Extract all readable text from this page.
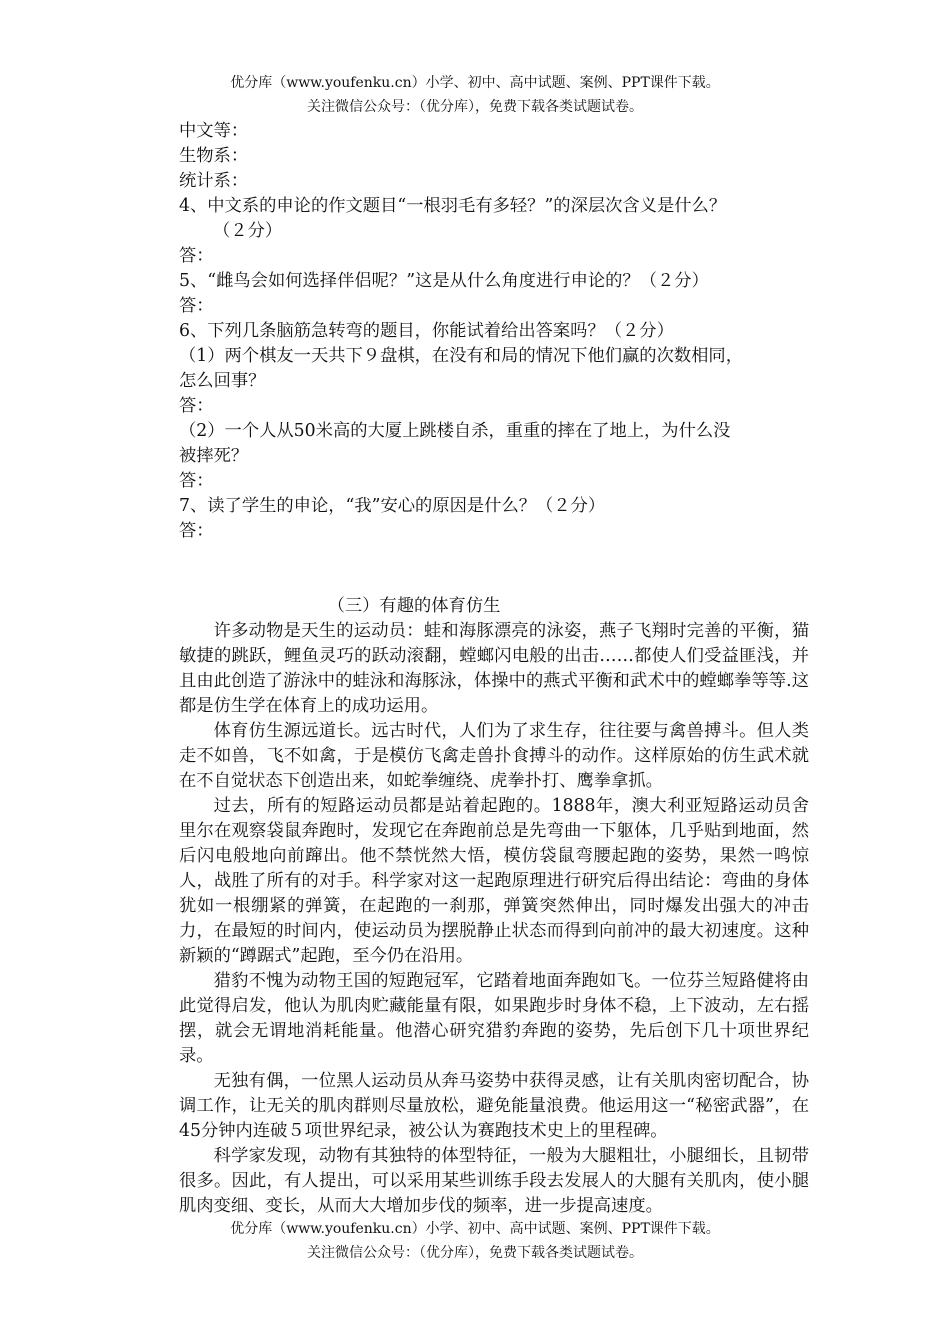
优分库（www.youfenku.cn）小学、初中、高中试题、案例、PPT课件下载。
关注微信公众号：（优分库），免费下载各类试题试卷。
中文等：
生物系：
统计系：
4、中文系的申论的作文题目“一根羽毛有多轻？”的深层次含义是什么？
（２分）
答：
5、“雌鸟会如何选择伴侣呢？”这是从什么角度进行申论的？（２分）
答：
6、下列几条脑筋急转弯的题目，你能试着给出答案吗？（２分）
（1）两个棋友一天共下９盘棋，在没有和局的情况下他们赢的次数相同，
怎么回事？
答：
（2）一个人从50米高的大厦上跳楼自杀，重重的摔在了地上，为什么没
被摔死？
答：
7、读了学生的申论，“我”安心的原因是什么？（２分）
答：
（三）有趣的体育仿生

许多动物是天生的运动员：蛙和海豚漂亮的泳姿，燕子飞翔时完善的平衡，猫敏捷的跳跃，鲤鱼灵巧的跃动滚翻，螳螂闪电般的出击……都使人们受益匪浅，并且由此创造了游泳中的蛙泳和海豚泳，体操中的燕式平衡和武术中的螳螂拳等等.这都是仿生学在体育上的成功运用。

体育仿生源远道长。远古时代，人们为了求生存，往往要与禽兽搏斗。但人类走不如兽，飞不如禽，于是模仿飞禽走兽扑食搏斗的动作。这样原始的仿生武术就在不自觉状态下创造出来，如蛇拳缠绕、虎拳扑打、鹰拳拿抓。

过去，所有的短路运动员都是站着起跑的。1888年，澳大利亚短路运动员舍里尔在观察袋鼠奔跑时，发现它在奔跑前总是先弯曲一下躯体，几乎贴到地面，然后闪电般地向前蹿出。他不禁恍然大悟，模仿袋鼠弯腰起跑的姿势，果然一鸣惊人，战胜了所有的对手。科学家对这一起跑原理进行研究后得出结论：弯曲的身体犹如一根绷紧的弹簧，在起跑的一刹那，弹簧突然伸出，同时爆发出强大的冲击力，在最短的时间内，使运动员为摆脱静止状态而得到向前冲的最大初速度。这种新颖的“蹲踞式”起跑，至今仍在沿用。

猎豹不愧为动物王国的短跑冠军，它踏着地面奔跑如飞。一位芬兰短路健将由此觉得启发，他认为肌肉贮藏能量有限，如果跑步时身体不稳，上下波动，左右摇摆，就会无谓地消耗能量。他潜心研究猎豹奔跑的姿势，先后创下几十项世界纪录。

无独有偶，一位黑人运动员从奔马姿势中获得灵感，让有关肌肉密切配合，协调工作，让无关的肌肉群则尽量放松，避免能量浪费。他运用这一“秘密武器”，在45分钟内连破５项世界纪录，被公认为赛跑技术史上的里程碑。

科学家发现，动物有其独特的体型特征，一般为大腿粗壮，小腿细长，且韧带很多。因此，有人提出，可以采用某些训练手段去发展人的大腿有关肌肉，使小腿肌肉变细、变长，从而大大增加步伐的频率，进一步提高速度。

优分库（www.youfenku.cn）小学、初中、高中试题、案例、PPT课件下载。
关注微信公众号：（优分库），免费下载各类试题试卷。
